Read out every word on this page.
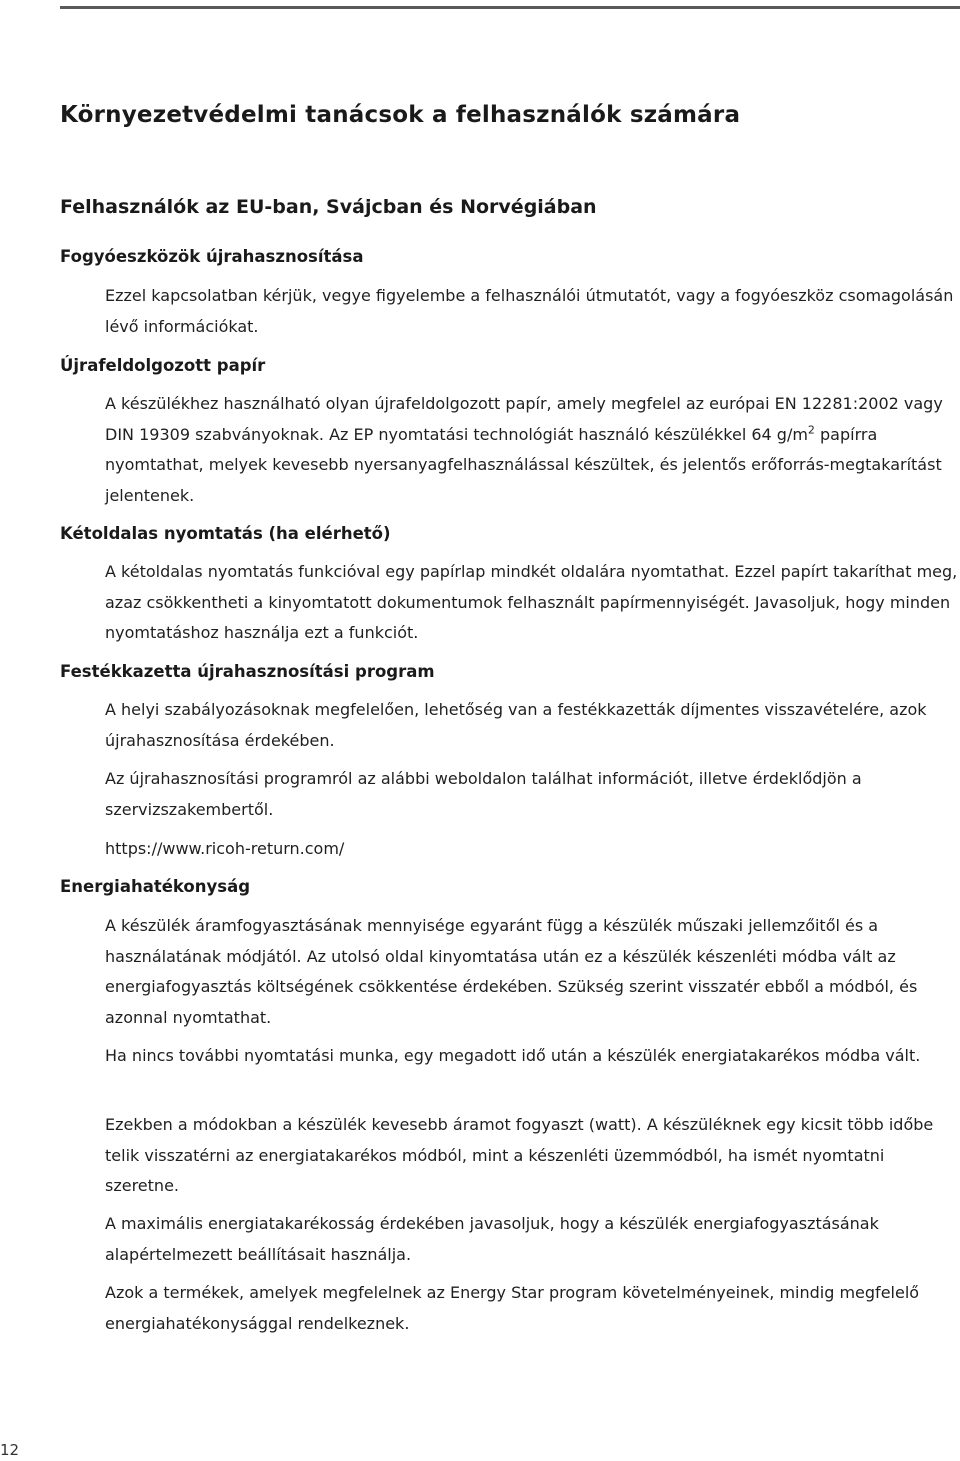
Környezetvédelmi tanácsok a felhasználók számára
Felhasználók az EU-ban, Svájcban és Norvégiában
Fogyóeszközök újrahasznosítása

Ezzel kapcsolatban kérjük, vegye figyelembe a felhasználói útmutatót, vagy a fogyóeszköz csomagolásán lévő információkat.

Újrafeldolgozott papír

A készülékhez használható olyan újrafeldolgozott papír, amely megfelel az európai EN 12281:2002 vagy DIN 19309 szabványoknak. Az EP nyomtatási technológiát használó készülékkel 64 $g/m^2$ papírra nyomtathat, melyek kevesebb nyersanyagfelhasználással készültek, és jelentős erőforrás-megtakarítást jelentenek.

Kétoldalas nyomtatás (ha elérhető)

A kétoldalas nyomtatás funkcióval egy papírlap mindkét oldalára nyomtathat. Ezzel papírt takaríthat meg, azaz csökkentheti a kinyomtatott dokumentumok felhasznált papírmennyiségét. Javasoljuk, hogy minden nyomtatáshoz használja ezt a funkciót.

Festékkazetta újrahasznosítási program

A helyi szabályozásoknak megfelelően, lehetőség van a festékkazetták díjmentes visszavételére, azok újrahasznosítása érdekében.

Az újrahasznosítási programról az alábbi weboldalon találhat információt, illetve érdeklődjön a szervizszakembertől.

https://www.ricoh-return.com/

Energiahatékonyság

A készülék áramfogyasztásának mennyisége egyaránt függ a készülék műszaki jellemzőitől és a használatának módjától. Az utolsó oldal kinyomtatása után ez a készülék készenléti módba vált az energiafogyasztás költségének csökkentése érdekében. Szükség szerint visszatér ebből a módból, és azonnal nyomtathat.

Ha nincs további nyomtatási munka, egy megadott idő után a készülék energiatakarékos módba vált.

Ezekben a módokban a készülék kevesebb áramot fogyaszt (watt). A készüléknek egy kicsit több időbe telik visszatérni az energiatakarékos módból, mint a készenléti üzemmódból, ha ismét nyomtatni szeretne.

A maximális energiatakarékosság érdekében javasoljuk, hogy a készülék energiafogyasztásának alapértelmezett beállításait használja.

Azok a termékek, amelyek megfelelnek az Energy Star program követelményeinek, mindig megfelelő energiahatékonysággal rendelkeznek.

12
